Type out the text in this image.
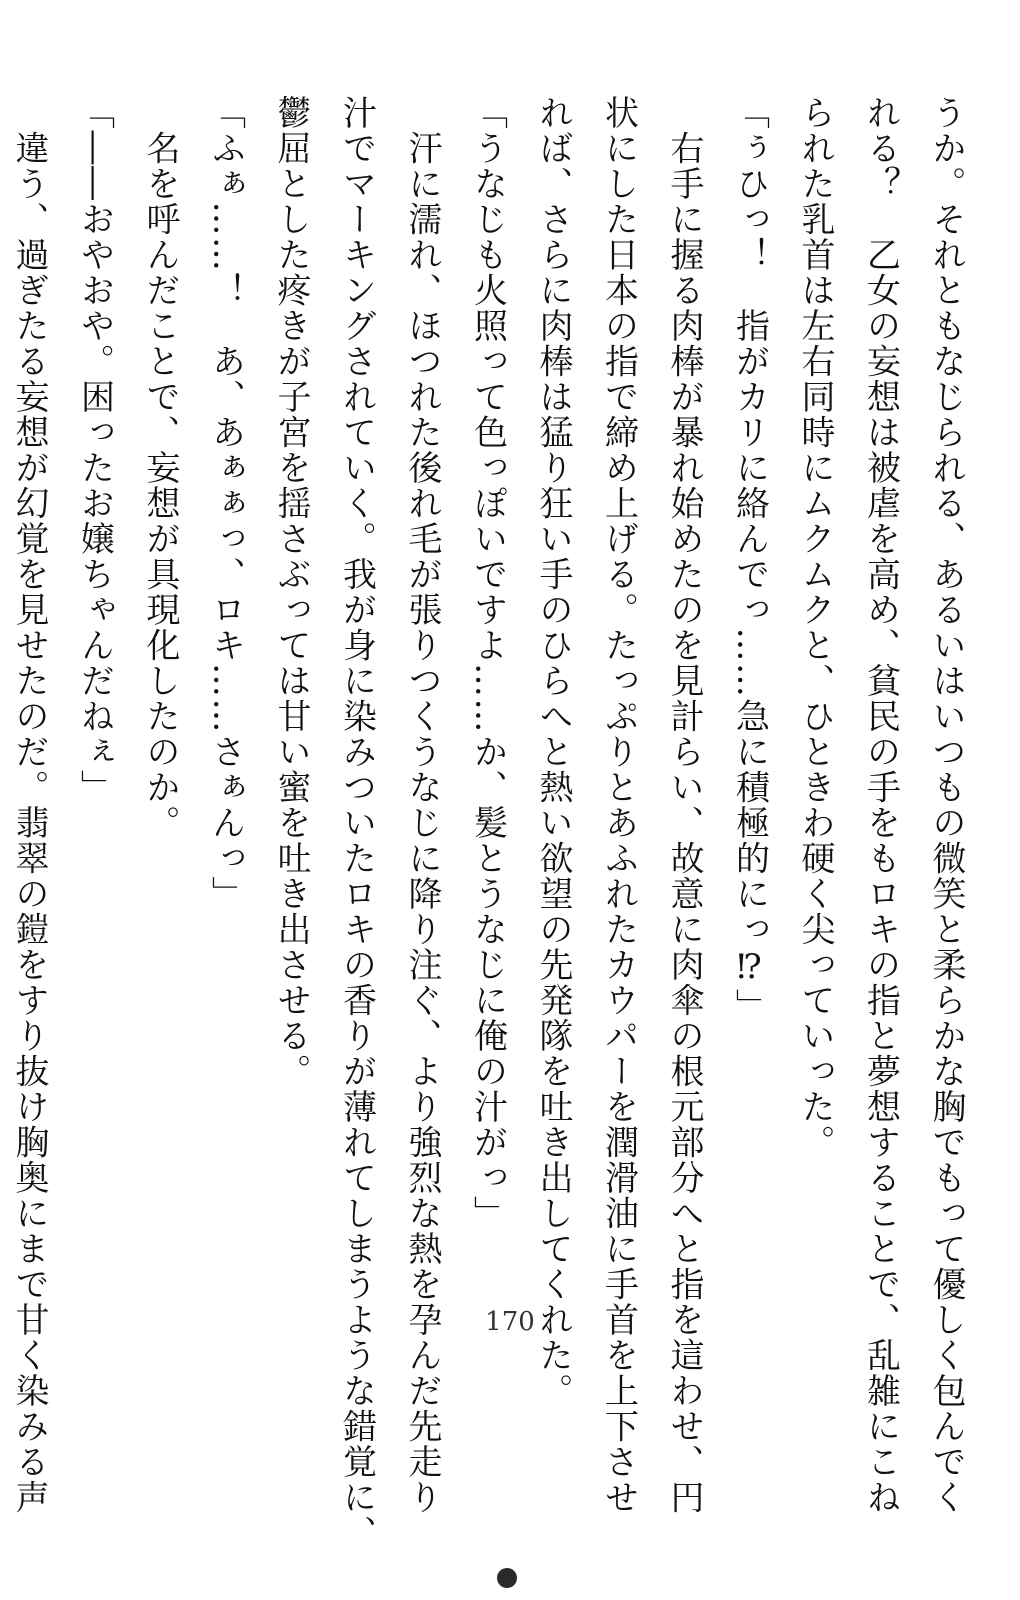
うか。それともなじられる、あるいはいつもの微笑と柔らかな胸でもって優しく包んでく
れる？　乙女の妄想は被虐を高め、貧民の手をもロキの指と夢想することで、乱雑にこね
られた乳首は左右同時にムクムクと、ひときわ硬く尖っていった。
「ぅひっ！　指がカリに絡んでっ……急に積極的にっ⁉」
　右手に握る肉棒が暴れ始めたのを見計らい、故意に肉傘の根元部分へと指を這わせ、円
状にした日本の指で締め上げる。たっぷりとあふれたカウパーを潤滑油に手首を上下させ
れば、さらに肉棒は猛り狂い手のひらへと熱い欲望の先発隊を吐き出してくれた。
「うなじも火照って色っぽいですよ……か、髪とうなじに俺の汁がっ」
　汗に濡れ、ほつれた後れ毛が張りつくうなじに降り注ぐ、より強烈な熱を孕んだ先走り
汁でマーキングされていく。我が身に染みついたロキの香りが薄れてしまうような錯覚に、
鬱屈とした疼きが子宮を揺さぶっては甘い蜜を吐き出させる。
「ふぁ……！　あ、あぁぁっ、ロキ……さぁんっ」
　名を呼んだことで、妄想が具現化したのか。
「――おやおや。困ったお嬢ちゃんだねぇ」
　違う、過ぎたる妄想が幻覚を見せたのだ。翡翠の鎧をすり抜け胸奥にまで甘く染みる声	170
